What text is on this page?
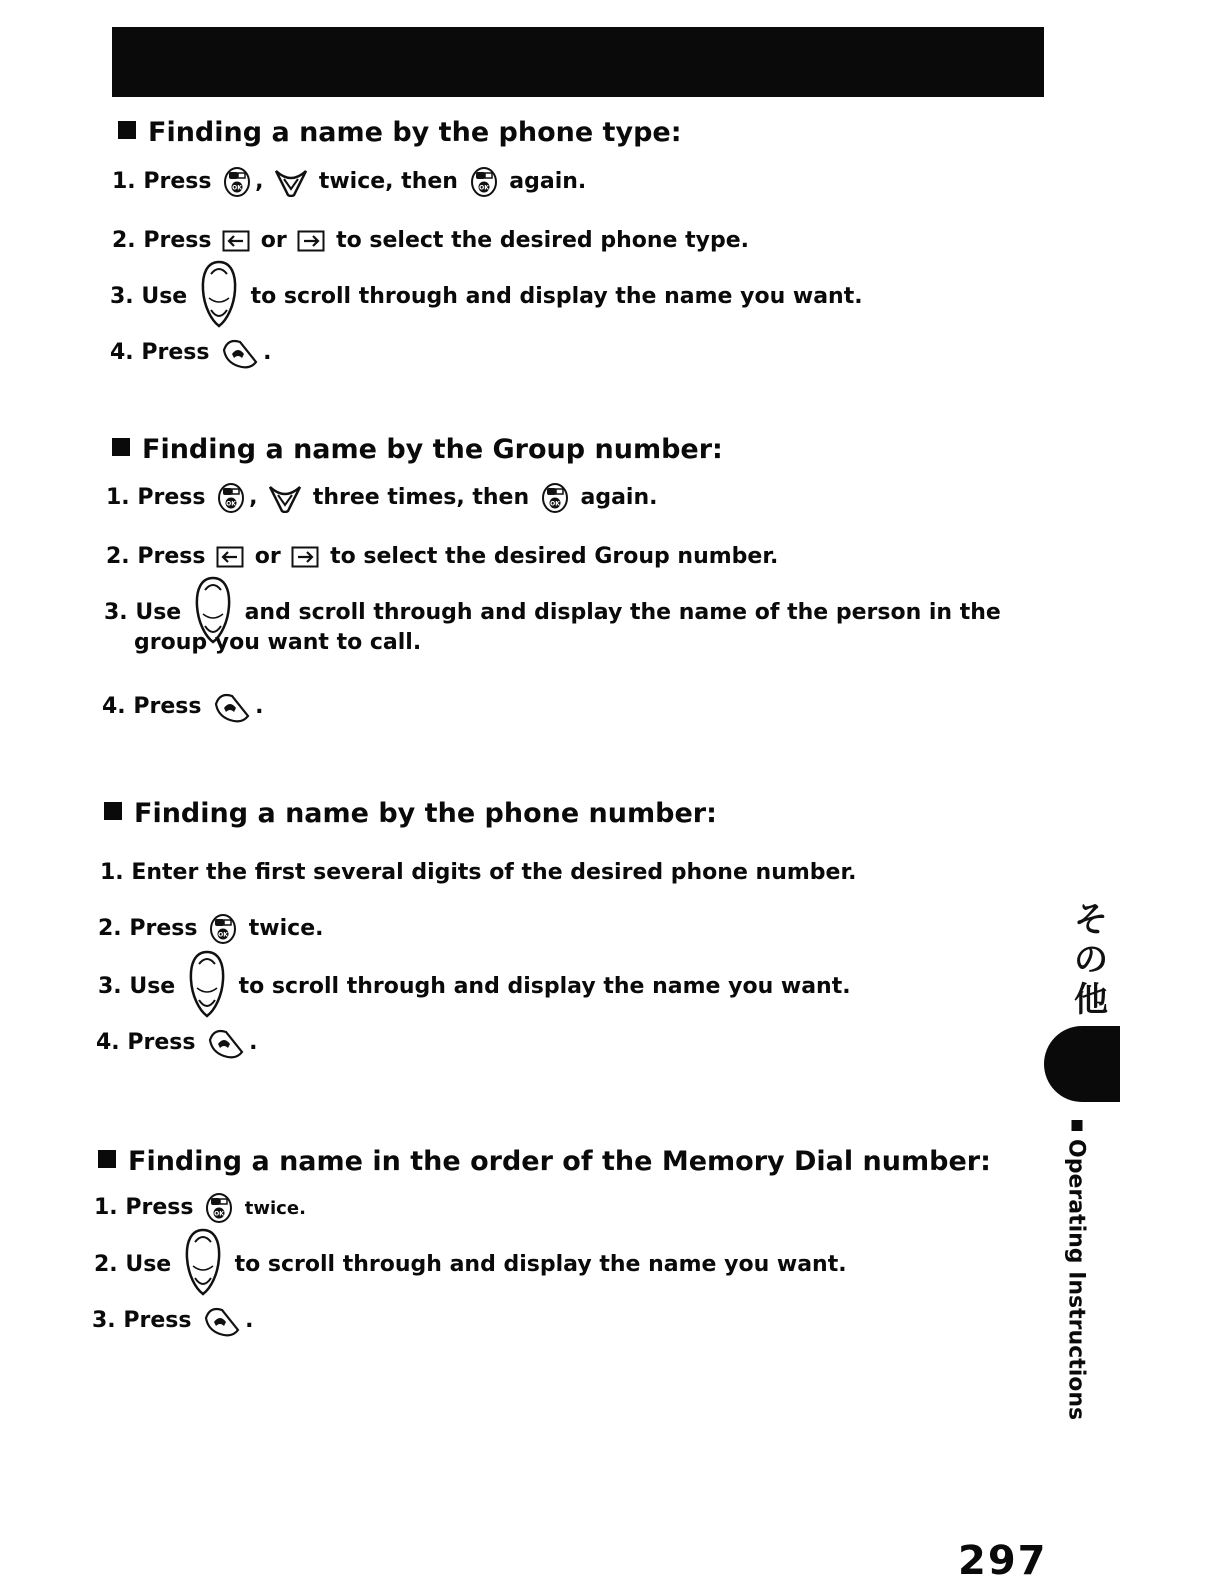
Finding a name by the phone type:
1. Press	OK ,	twice, then	OK again.
2. Press or to select the desired phone type.
3. Use	to scroll through and display the name you want.
4. Press .
Finding a name by the Group number:
1. Press	OK ,	three times, then	OK again.
2. Press or to select the desired Group number.
3. Use	and scroll through and display the name of the person in the
group you want to call.
4. Press .
Finding a name by the phone number:
1. Enter the first several digits of the desired phone number.
2. Press	OK twice.
3. Use	to scroll through and display the name you want.
4. Press .
Finding a name in the order of the Memory Dial number:
1. Press	OK twice.
2. Use	to scroll through and display the name you want.
3. Press .
その他
Operating Instructions
297
